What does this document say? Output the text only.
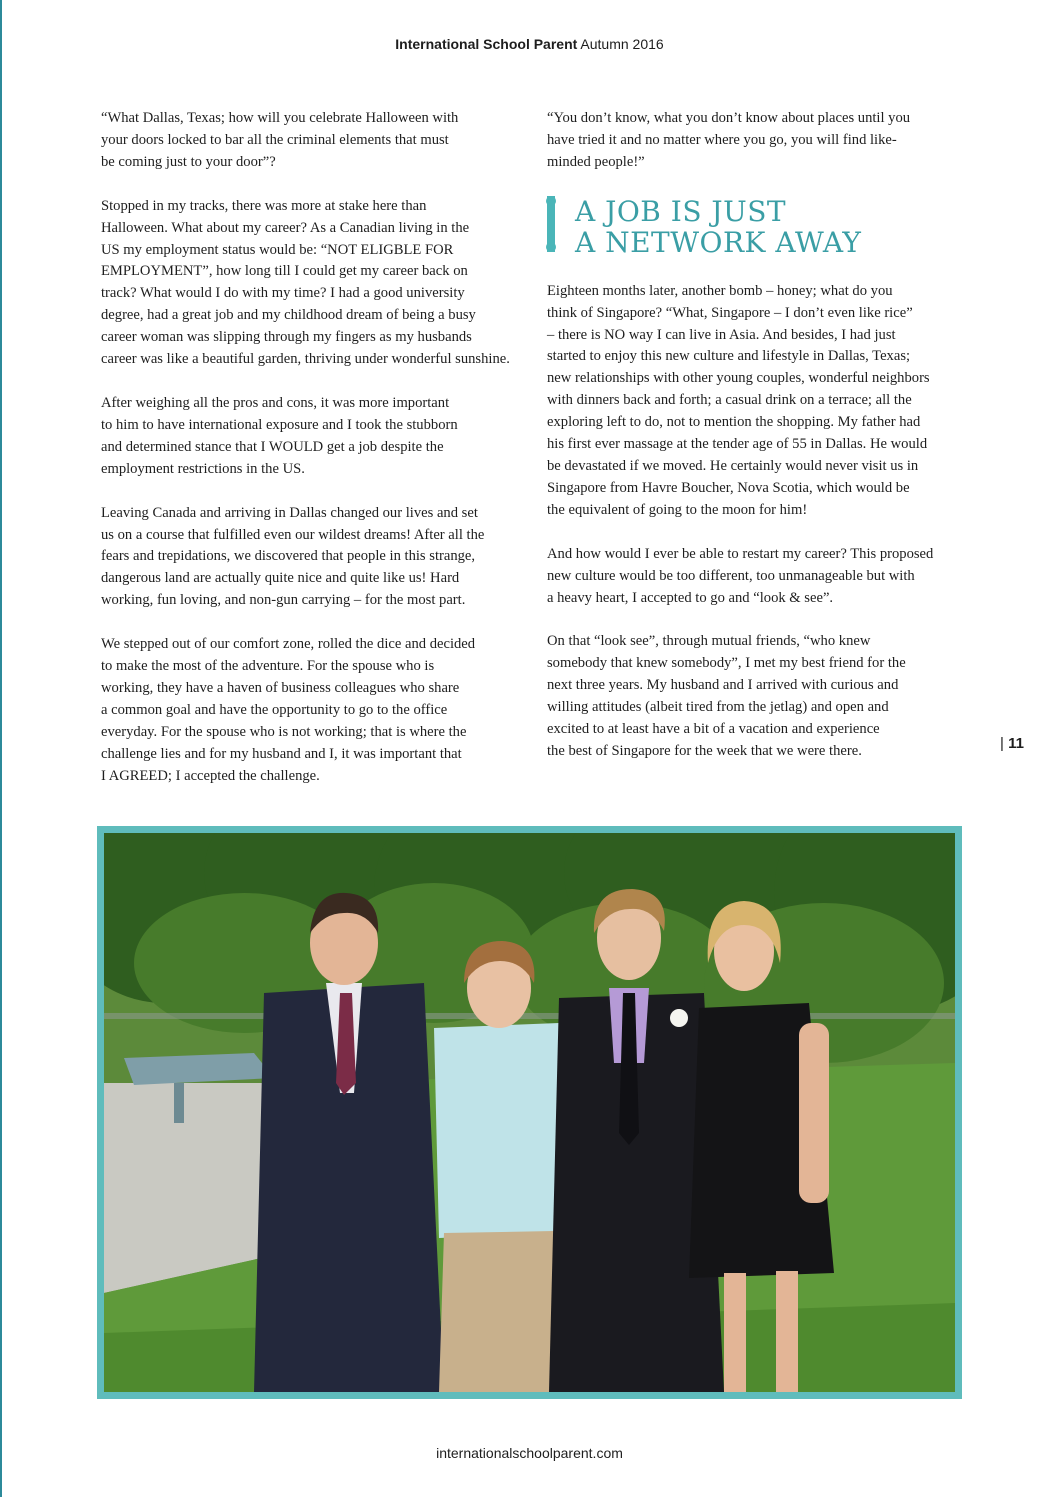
International School Parent Autumn 2016

“What Dallas, Texas; how will you celebrate Halloween with
your doors locked to bar all the criminal elements that must
be coming just to your door”?

Stopped in my tracks, there was more at stake here than
Halloween. What about my career? As a Canadian living in the
US my employment status would be: “NOT ELIGBLE FOR
EMPLOYMENT”, how long till I could get my career back on
track? What would I do with my time? I had a good university
degree, had a great job and my childhood dream of being a busy
career woman was slipping through my fingers as my husbands
career was like a beautiful garden, thriving under wonderful sunshine.

After weighing all the pros and cons, it was more important
to him to have international exposure and I took the stubborn
and determined stance that I WOULD get a job despite the
employment restrictions in the US.

Leaving Canada and arriving in Dallas changed our lives and set
us on a course that fulfilled even our wildest dreams! After all the
fears and trepidations, we discovered that people in this strange,
dangerous land are actually quite nice and quite like us! Hard
working, fun loving, and non-gun carrying – for the most part.

We stepped out of our comfort zone, rolled the dice and decided
to make the most of the adventure. For the spouse who is
working, they have a haven of business colleagues who share
a common goal and have the opportunity to go to the office
everyday. For the spouse who is not working; that is where the
challenge lies and for my husband and I, it was important that
I AGREED; I accepted the challenge.

“You don’t know, what you don’t know about places until you
have tried it and no matter where you go, you will find like-
minded people!”

A JOB IS JUST
A NETWORK AWAY

Eighteen months later, another bomb – honey; what do you
think of Singapore? “What, Singapore – I don’t even like rice”
– there is NO way I can live in Asia. And besides, I had just
started to enjoy this new culture and lifestyle in Dallas, Texas;
new relationships with other young couples, wonderful neighbors
with dinners back and forth; a casual drink on a terrace; all the
exploring left to do, not to mention the shopping. My father had
his first ever massage at the tender age of 55 in Dallas. He would
be devastated if we moved. He certainly would never visit us in
Singapore from Havre Boucher, Nova Scotia, which would be
the equivalent of going to the moon for him!

And how would I ever be able to restart my career? This proposed
new culture would be too different, too unmanageable but with
a heavy heart, I accepted to go and “look & see”.

On that “look see”, through mutual friends, “who knew
somebody that knew somebody”, I met my best friend for the
next three years. My husband and I arrived with curious and
willing attitudes (albeit tired from the jetlag) and open and
excited to at least have a bit of a vacation and experience
the best of Singapore for the week that we were there.	| 11
internationalschoolparent.com
